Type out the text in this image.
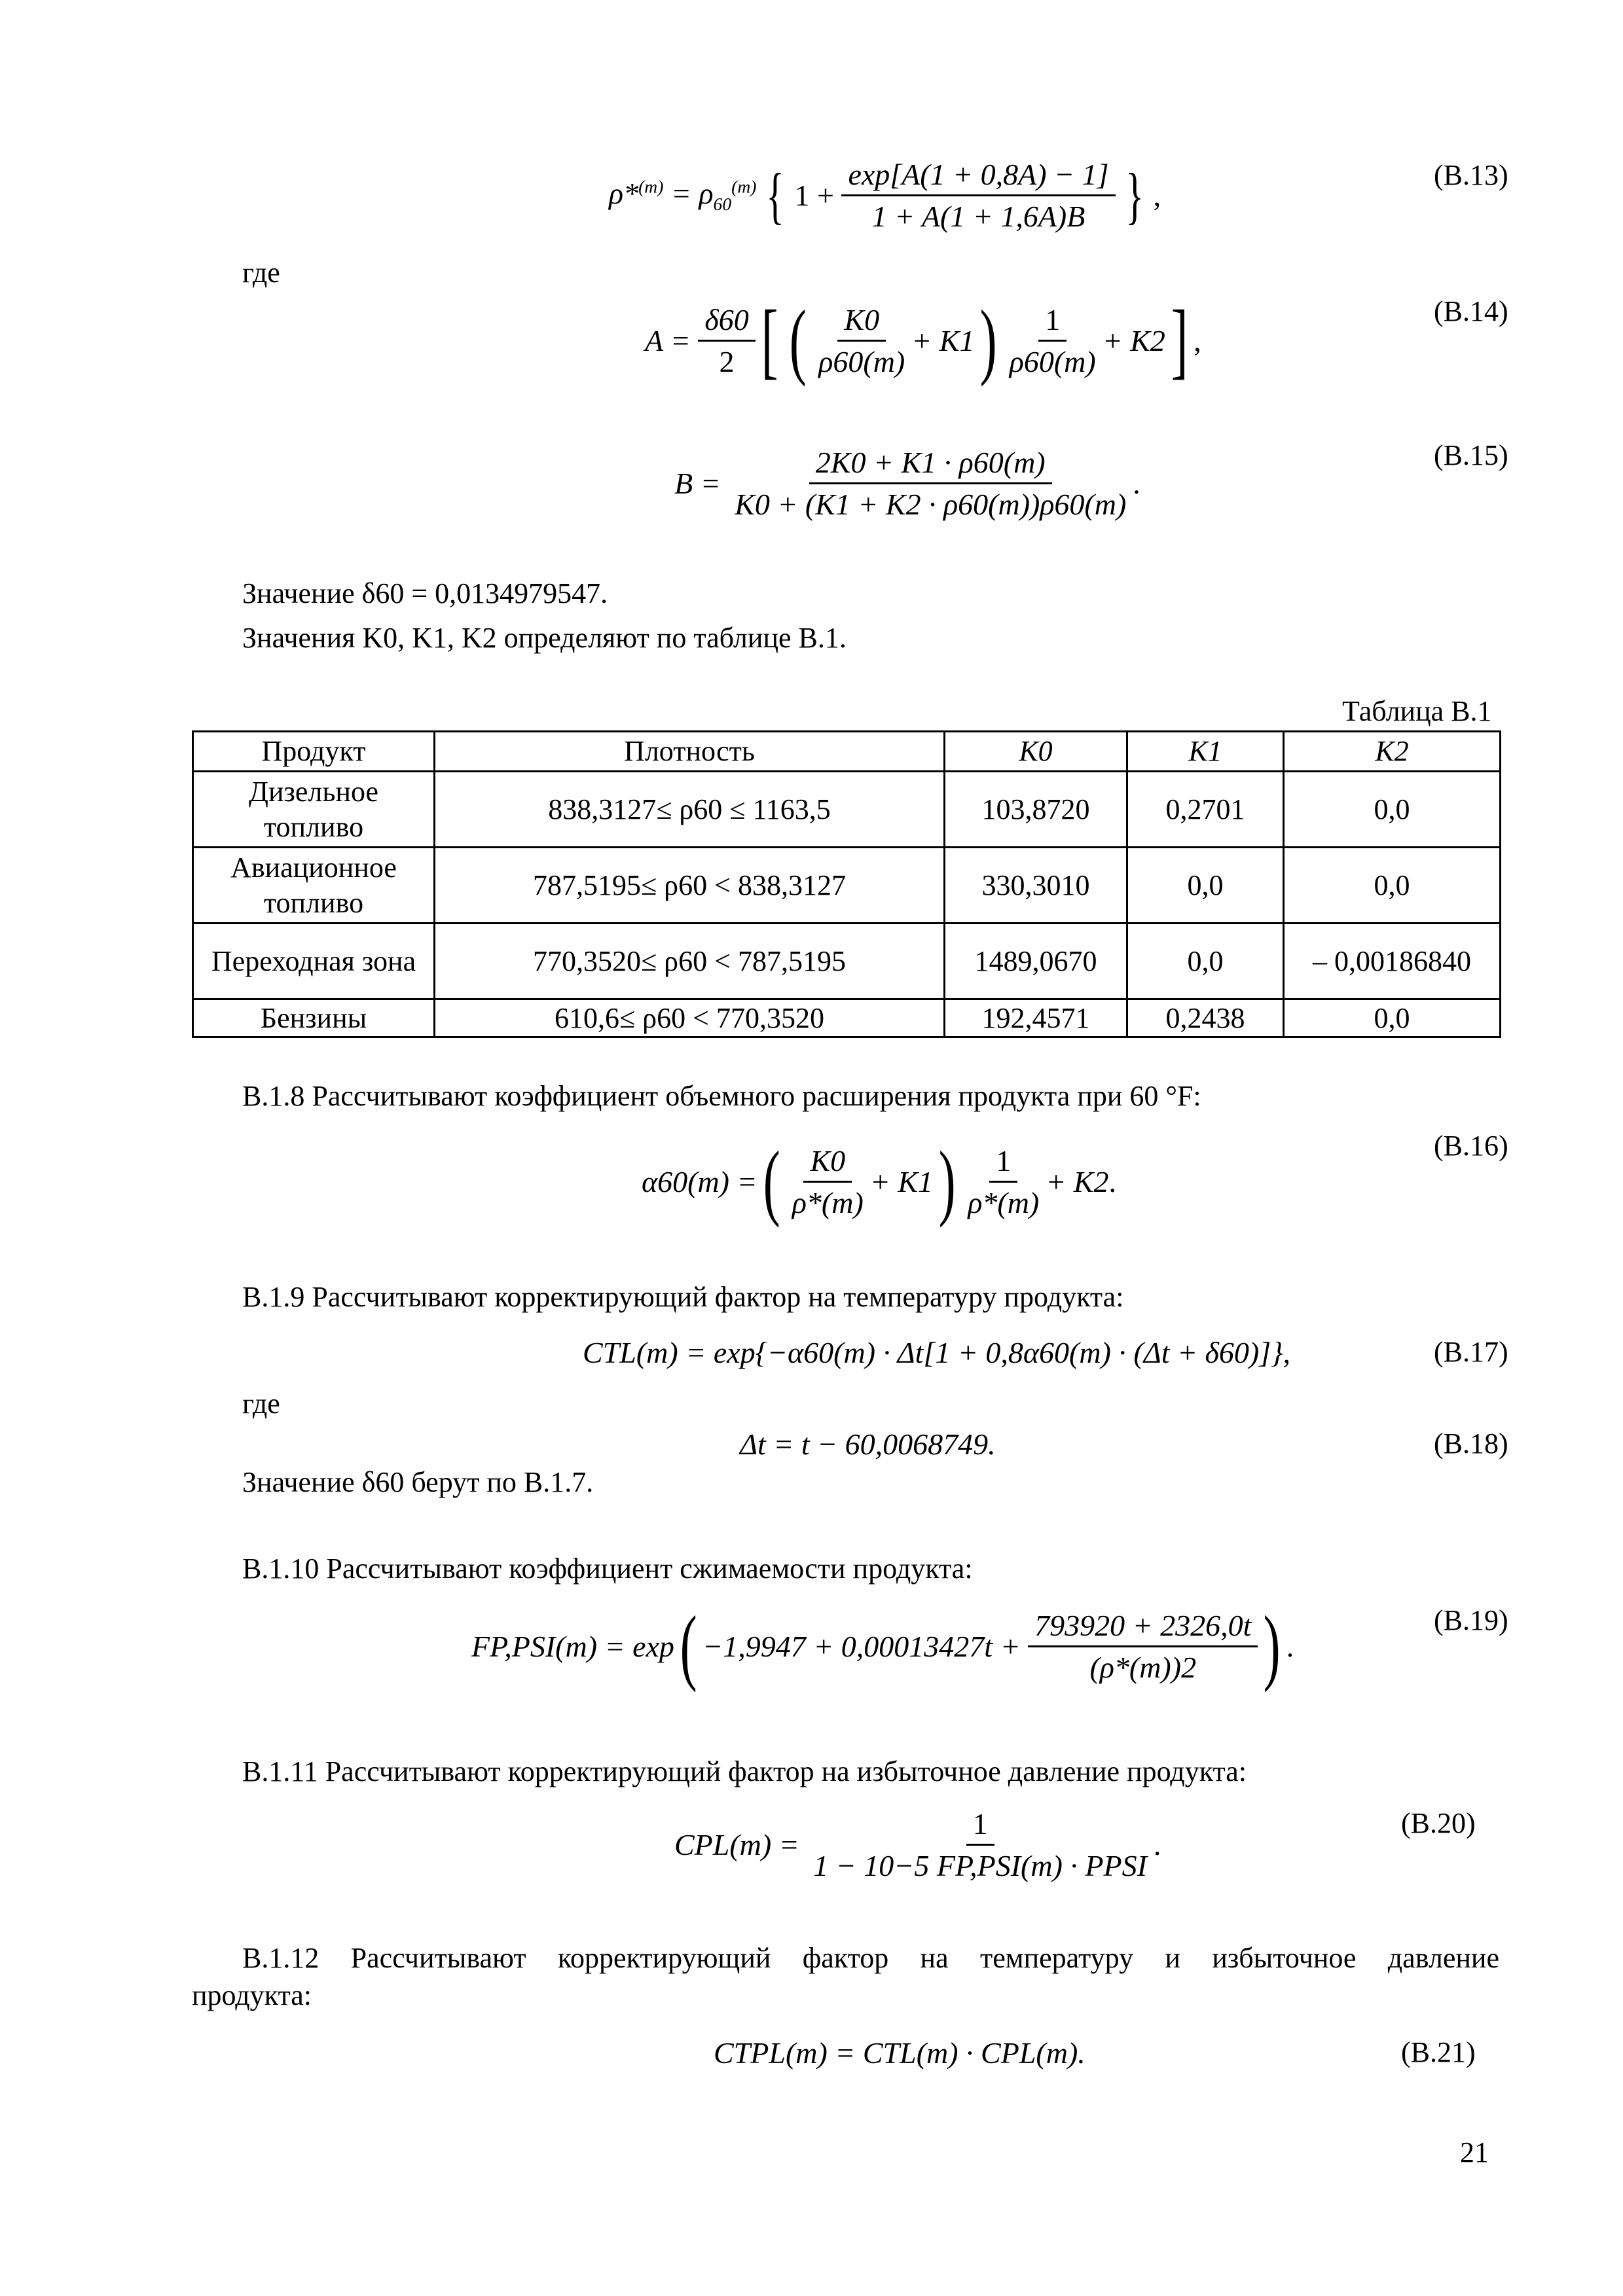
$\rho*^{(m)} = \rho_{60}^{(m)}$ { $1 + \frac{\exp[A(1 + 0,8A) - 1]}{1 + A(1 + 1,6A)B}$ } ,
(В.13)
где
A =
$\frac{\delta 60}{2}$ [ ( $\frac{K0}{\rho 60(m)} + K1$ ) $\frac{1}{\rho 60(m)} + K2$ ] ,
(В.14)
B =
$\frac{2K0 + K1 \cdot \rho 60(m)}{K0 + (K1 + K2 \cdot \rho 60(m))\rho 60(m)}$ .
(В.15)
Значение δ60 = 0,0134979547.
Значения K0, K1, K2 определяют по таблице В.1.
Таблица В.1
Продукт	Плотность	K0	K1	K2
Дизельное топливо	838,3127≤ ρ60 ≤ 1163,5	103,8720	0,2701	0,0
Авиационное топливо	787,5195≤ ρ60 < 838,3127	330,3010	0,0	0,0
Переходная зона	770,3520≤ ρ60 < 787,5195	1489,0670	0,0	– 0,00186840
Бензины	610,6≤ ρ60 < 770,3520	192,4571	0,2438	0,0
В.1.8 Рассчитывают коэффициент объемного расширения продукта при 60 °F:
α60(m) = ( $\frac{K0}{\rho*(m)} + K1$ ) $\frac{1}{\rho*(m)} + K2$ .
(В.16)
В.1.9 Рассчитывают корректирующий фактор на температуру продукта:
CTL(m) = exp{−α60(m) · Δt[1 + 0,8α60(m) · (Δt + δ60)]},	(В.17)
где
Δt = t − 60,0068749.	(В.18)
Значение δ60 берут по В.1.7.
В.1.10 Рассчитывают коэффициент сжимаемости продукта:
FP,PSI(m) = exp ( −1,9947 + 0,00013427t +
$\frac{793920 + 2326,0t}{(\rho*(m))2}$ ) .
(В.19)
В.1.11 Рассчитывают корректирующий фактор на избыточное давление продукта:
CPL(m) =
$\frac{1}{\text{1 − 10−5 FP,PSI(m) · PPSI}}$ .
(В.20)
В.1.12 Рассчитывают корректирующий фактор на температуру и избыточное давление
продукта:
CTPL(m) = CTL(m) · CPL(m).	(В.21)
21
